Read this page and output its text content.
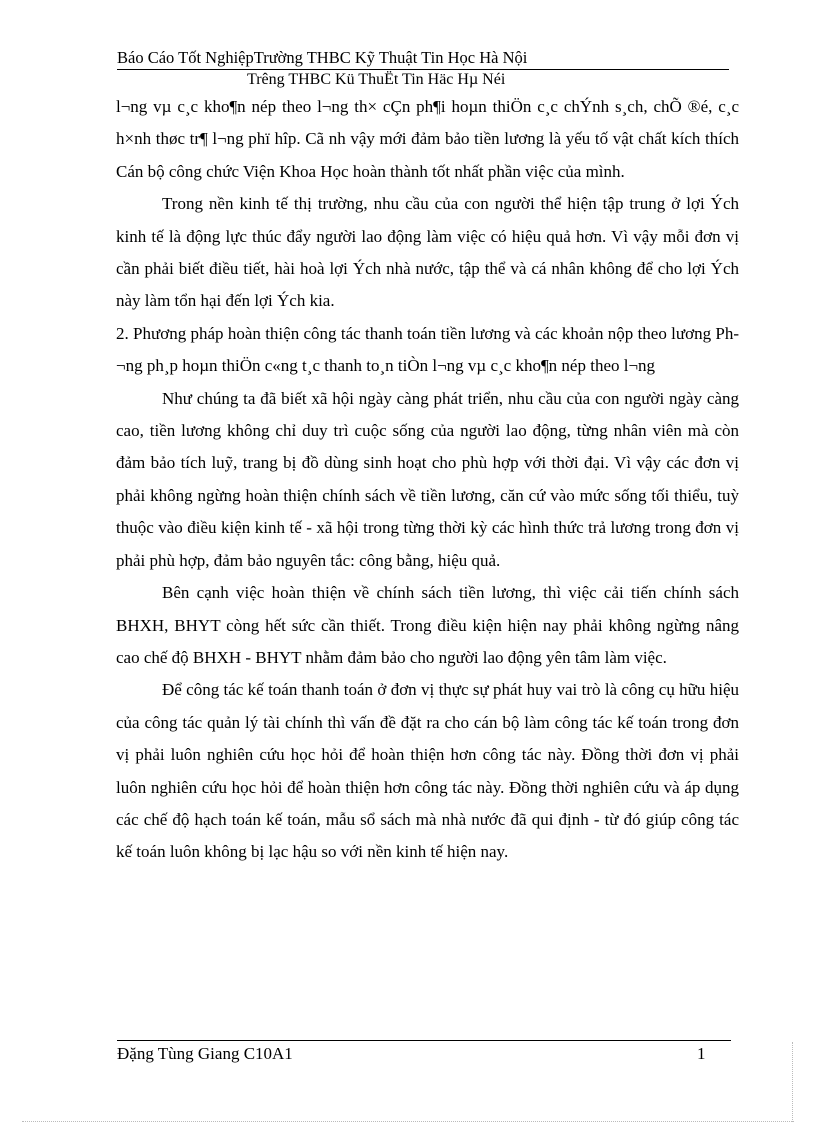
Báo Cáo Tốt NghiệpTrường THBC Kỹ Thuật Tin Học Hà Nội
Trêng THBC Kü ThuËt Tin Häc Hµ Néi

l¬ng vµ c¸c kho¶n nép theo l¬ng th× cÇn ph¶i hoµn thiÖn c¸c chÝnh s¸ch, chÕ ®é, c¸c h×nh thøc tr¶ l¬ng phï hîp. Cã nh vậy mới đảm bảo tiền lương là yếu tố vật chất kích thích Cán bộ công chức Viện Khoa Học hoàn thành tốt nhất phần việc của mình.

Trong nền kinh tế thị trường, nhu cầu của con người thể hiện tập trung ở lợi Ých kinh tế là động lực thúc đẩy người lao động làm việc có hiệu quả hơn. Vì vậy mỗi đơn vị cần phải biết điều tiết, hài hoà lợi Ých nhà nước, tập thể và cá nhân không để cho lợi Ých này làm tổn hại đến lợi Ých kia.

2. Phương pháp hoàn thiện công tác thanh toán tiền lương và các khoản nộp theo lương Ph¬ng ph¸p hoµn thiÖn c«ng t¸c thanh to¸n tiÒn l¬ng vµ c¸c kho¶n nép theo l¬ng

Như chúng ta đã biết xã hội ngày càng phát triển, nhu cầu của con người ngày càng cao, tiền lương không chỉ duy trì cuộc sống của người lao động, từng nhân viên mà còn đảm bảo tích luỹ, trang bị đồ dùng sinh hoạt cho phù hợp với thời đại. Vì vậy các đơn vị phải không ngừng hoàn thiện chính sách về tiền lương, căn cứ vào mức sống tối thiểu, tuỳ thuộc vào điều kiện kinh tế - xã hội trong từng thời kỳ các hình thức trả lương trong đơn vị phải phù hợp, đảm bảo nguyên tắc: công bằng, hiệu quả.

Bên cạnh việc hoàn thiện về chính sách tiền lương, thì việc cải tiến chính sách BHXH, BHYT còng hết sức cần thiết. Trong điều kiện hiện nay phải không ngừng nâng cao chế độ BHXH - BHYT nhằm đảm bảo cho người lao động yên tâm làm việc.

Để công tác kế toán thanh toán ở đơn vị thực sự phát huy vai trò là công cụ hữu hiệu của công tác quản lý tài chính thì vấn đề đặt ra cho cán bộ làm công tác kế toán trong đơn vị phải luôn nghiên cứu học hỏi để hoàn thiện hơn công tác này. Đồng thời đơn vị phải luôn nghiên cứu học hỏi để hoàn thiện hơn công tác này. Đồng thời nghiên cứu và áp dụng các chế độ hạch toán kế toán, mẫu sổ sách mà nhà nước đã qui định - từ đó giúp công tác kế toán luôn không bị lạc hậu so với nền kinh tế hiện nay.

Đặng Tùng Giang C10A1	1
